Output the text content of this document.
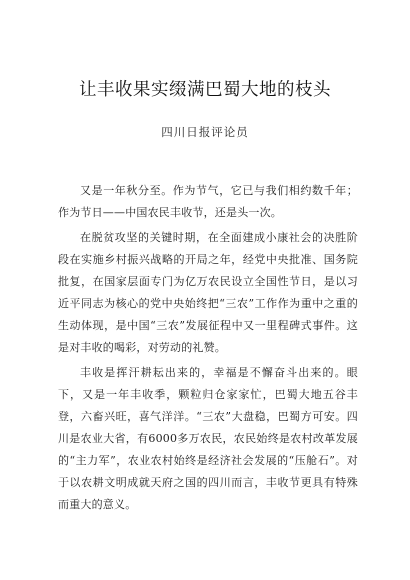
让丰收果实缀满巴蜀大地的枝头
四川日报评论员

又是一年秋分至。作为节气，它已与我们相约数千年；作为节日——中国农民丰收节，还是头一次。

在脱贫攻坚的关键时期，在全面建成小康社会的决胜阶段在实施乡村振兴战略的开局之年，经党中央批准、国务院批复，在国家层面专门为亿万农民设立全国性节日，是以习近平同志为核心的党中央始终把“三农”工作作为重中之重的生动体现，是中国“三农”发展征程中又一里程碑式事件。这是对丰收的喝彩，对劳动的礼赞。

丰收是挥汗耕耘出来的，幸福是不懈奋斗出来的。眼下，又是一年丰收季，颗粒归仓家家忙，巴蜀大地五谷丰登，六畜兴旺，喜气洋洋。“三农”大盘稳，巴蜀方可安。四川是农业大省，有6000多万农民，农民始终是农村改革发展的“主力军”，农业农村始终是经济社会发展的“压舱石”。对于以农耕文明成就天府之国的四川而言，丰收节更具有特殊而重大的意义。
